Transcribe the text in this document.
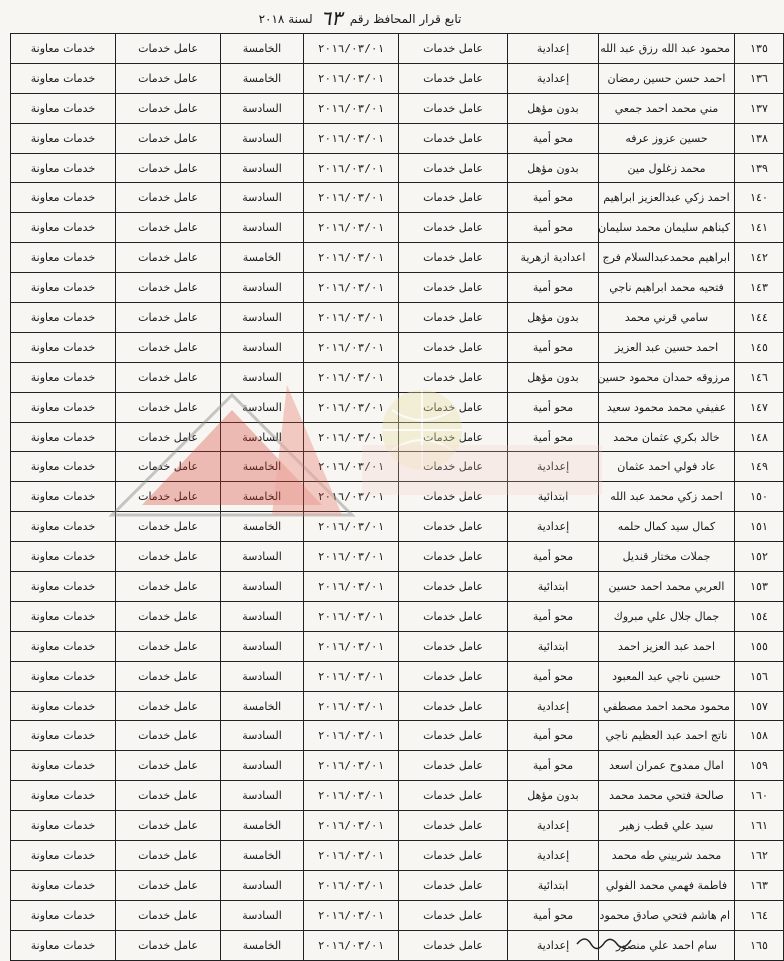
تابع قرار المحافظ رقم ٦٣ لسنة ٢٠١٨
١٣٥	محمود عبد الله رزق عبد الله	إعدادية	عامل خدمات	٢٠١٦/٠٣/٠١	الخامسة	عامل خدمات	خدمات معاونة
١٣٦	احمد حسن حسين رمضان	إعدادية	عامل خدمات	٢٠١٦/٠٣/٠١	الخامسة	عامل خدمات	خدمات معاونة
١٣٧	مني محمد احمد جمعي	بدون مؤهل	عامل خدمات	٢٠١٦/٠٣/٠١	السادسة	عامل خدمات	خدمات معاونة
١٣٨	حسين عزوز عرفه	محو أمية	عامل خدمات	٢٠١٦/٠٣/٠١	السادسة	عامل خدمات	خدمات معاونة
١٣٩	محمد زغلول مين	بدون مؤهل	عامل خدمات	٢٠١٦/٠٣/٠١	السادسة	عامل خدمات	خدمات معاونة
١٤٠	احمد زكي عبدالعزيز ابراهيم	محو أمية	عامل خدمات	٢٠١٦/٠٣/٠١	السادسة	عامل خدمات	خدمات معاونة
١٤١	كيناهم سليمان محمد سليمان	محو أمية	عامل خدمات	٢٠١٦/٠٣/٠١	السادسة	عامل خدمات	خدمات معاونة
١٤٢	ابراهيم محمدعبدالسلام فرج	اعدادية ازهرية	عامل خدمات	٢٠١٦/٠٣/٠١	الخامسة	عامل خدمات	خدمات معاونة
١٤٣	فتحيه محمد ابراهيم ناجي	محو أمية	عامل خدمات	٢٠١٦/٠٣/٠١	السادسة	عامل خدمات	خدمات معاونة
١٤٤	سامي قرني محمد	بدون مؤهل	عامل خدمات	٢٠١٦/٠٣/٠١	السادسة	عامل خدمات	خدمات معاونة
١٤٥	احمد حسين عبد العزيز	محو أمية	عامل خدمات	٢٠١٦/٠٣/٠١	السادسة	عامل خدمات	خدمات معاونة
١٤٦	مرزوقه حمدان محمود حسين	بدون مؤهل	عامل خدمات	٢٠١٦/٠٣/٠١	السادسة	عامل خدمات	خدمات معاونة
١٤٧	عفيفي محمد محمود سعيد	محو أمية	عامل خدمات	٢٠١٦/٠٣/٠١	السادسة	عامل خدمات	خدمات معاونة
١٤٨	خالد بكري عثمان محمد	محو أمية	عامل خدمات	٢٠١٦/٠٣/٠١	السادسة	عامل خدمات	خدمات معاونة
١٤٩	عاد فولي احمد عثمان	إعدادية	عامل خدمات	٢٠١٦/٠٣/٠١	الخامسة	عامل خدمات	خدمات معاونة
١٥٠	احمد زكي محمد عبد الله	ابتدائية	عامل خدمات	٢٠١٦/٠٣/٠١	الخامسة	عامل خدمات	خدمات معاونة
١٥١	كمال سيد كمال حلمه	إعدادية	عامل خدمات	٢٠١٦/٠٣/٠١	الخامسة	عامل خدمات	خدمات معاونة
١٥٢	جملات مختار قنديل	محو أمية	عامل خدمات	٢٠١٦/٠٣/٠١	السادسة	عامل خدمات	خدمات معاونة
١٥٣	العربي محمد احمد حسين	ابتدائية	عامل خدمات	٢٠١٦/٠٣/٠١	السادسة	عامل خدمات	خدمات معاونة
١٥٤	جمال جلال علي مبروك	محو أمية	عامل خدمات	٢٠١٦/٠٣/٠١	السادسة	عامل خدمات	خدمات معاونة
١٥٥	احمد عبد العزيز احمد	ابتدائية	عامل خدمات	٢٠١٦/٠٣/٠١	السادسة	عامل خدمات	خدمات معاونة
١٥٦	حسين ناجي عبد المعبود	محو أمية	عامل خدمات	٢٠١٦/٠٣/٠١	السادسة	عامل خدمات	خدمات معاونة
١٥٧	محمود محمد احمد مصطفي	إعدادية	عامل خدمات	٢٠١٦/٠٣/٠١	الخامسة	عامل خدمات	خدمات معاونة
١٥٨	ناتج احمد عبد العظيم ناجي	محو أمية	عامل خدمات	٢٠١٦/٠٣/٠١	السادسة	عامل خدمات	خدمات معاونة
١٥٩	امال ممدوح عمران اسعد	محو أمية	عامل خدمات	٢٠١٦/٠٣/٠١	السادسة	عامل خدمات	خدمات معاونة
١٦٠	صالحة فتحي محمد محمد	بدون مؤهل	عامل خدمات	٢٠١٦/٠٣/٠١	السادسة	عامل خدمات	خدمات معاونة
١٦١	سيد علي قطب زهير	إعدادية	عامل خدمات	٢٠١٦/٠٣/٠١	الخامسة	عامل خدمات	خدمات معاونة
١٦٢	محمد شربيني طه محمد	إعدادية	عامل خدمات	٢٠١٦/٠٣/٠١	الخامسة	عامل خدمات	خدمات معاونة
١٦٣	فاطمة فهمي محمد الفولي	ابتدائية	عامل خدمات	٢٠١٦/٠٣/٠١	السادسة	عامل خدمات	خدمات معاونة
١٦٤	ام هاشم فتحي صادق محمود	محو أمية	عامل خدمات	٢٠١٦/٠٣/٠١	السادسة	عامل خدمات	خدمات معاونة
١٦٥	سام احمد علي منصور	إعدادية	عامل خدمات	٢٠١٦/٠٣/٠١	الخامسة	عامل خدمات	خدمات معاونة
